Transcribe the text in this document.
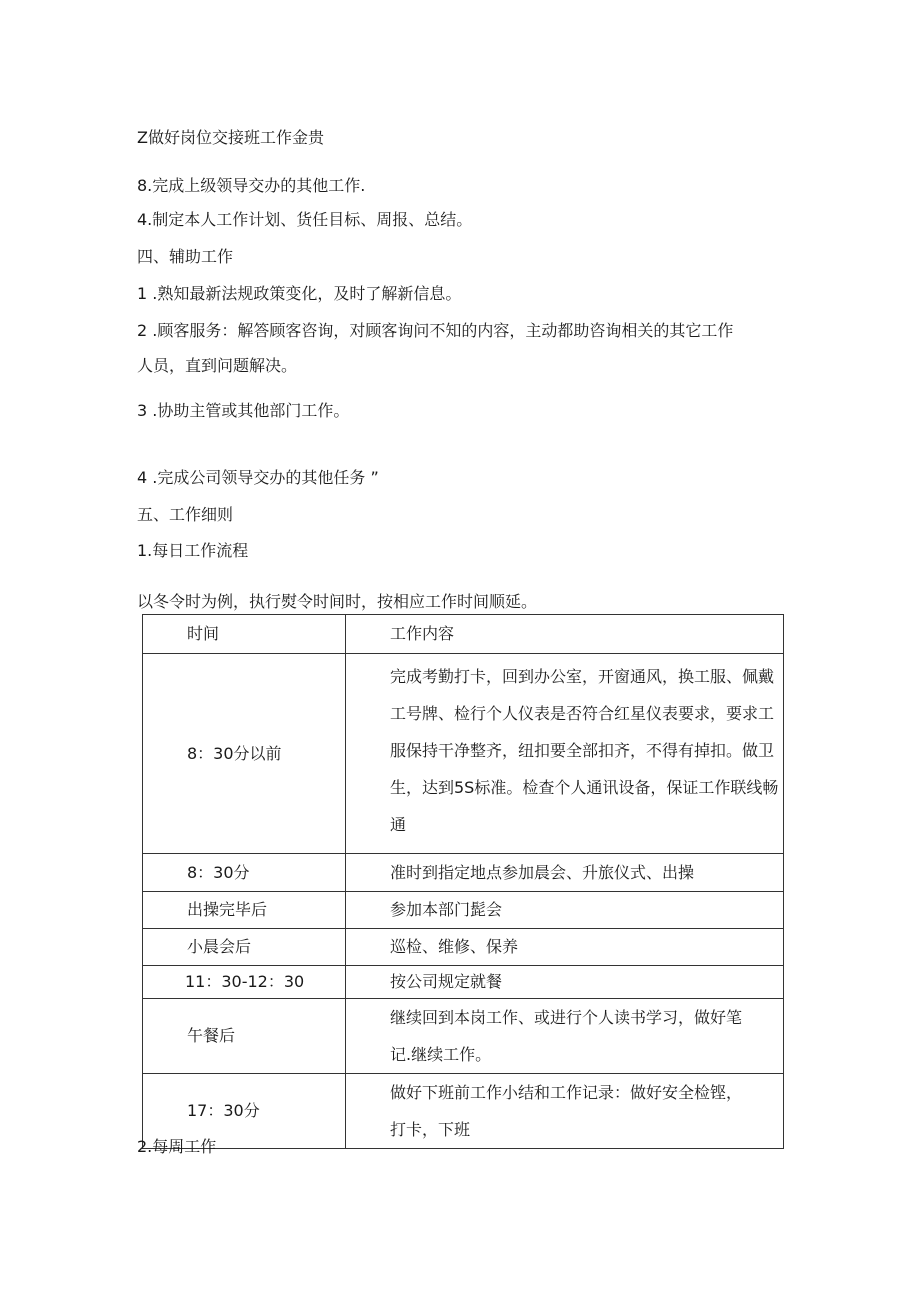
Z做好岗位交接班工作金贵
8.完成上级领导交办的其他工作.
4.制定本人工作计划、货任目标、周报、总结。
四、辅助工作
1 .熟知最新法规政策变化，及时了解新信息。
2 .顾客服务：解答顾客咨询，对顾客询问不知的内容，主动都助咨询相关的其它工作
人员，直到问题解决。
3 .协助主管或其他部门工作。
4 .完成公司领导交办的其他任务 ”
五、工作细则
1.每日工作流程
以冬令时为例，执行熨令时间时，按相应工作时间顺延。
时间	工作内容
8：30分以前	完成考勤打卡，回到办公室，开窗通风，换工服、佩戴工号牌、检行个人仪表是否符合红星仪表要求，要求工服保持干净整齐，纽扣要全部扣齐，不得有掉扣。做卫生，达到5S标准。检查个人通讯设备，保证工作联线畅通
8：30分	准时到指定地点参加晨会、升旅仪式、出操
出操完毕后	参加本部门髭会
小晨会后	巡检、维修、保养
11：30-12：30	按公司规定就餐
午餐后	继续回到本岗工作、或进行个人读书学习，做好笔记.继续工作。
17：30分	做好下班前工作小结和工作记录：做好安全检铿，打卡，下班
2.每周工作
